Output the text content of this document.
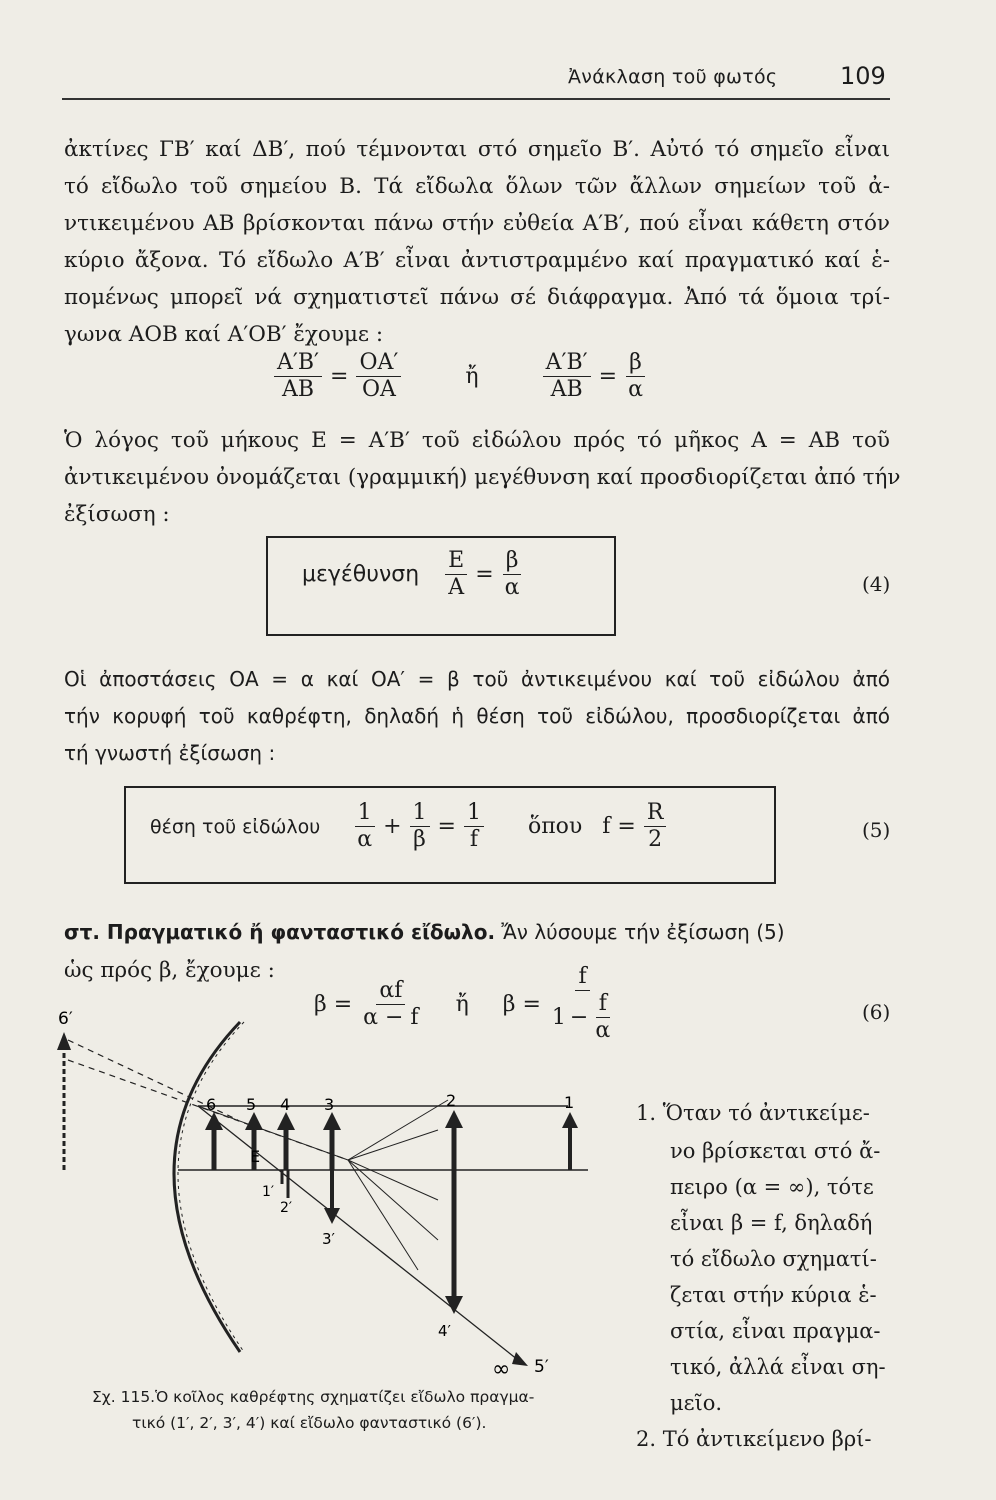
Ἀνάκλαση τοῦ φωτός	109
ἀκτίνες ΓΒ′ καί ΔΒ′, πού τέμνονται στό σημεῖο Β′. Αὐτό τό σημεῖο εἶναι
τό εἴδωλο τοῦ σημείου Β. Τά εἴδωλα ὅλων τῶν ἄλλων σημείων τοῦ ἀ-
ντικειμένου ΑΒ βρίσκονται πάνω στήν εὐθεία Α′Β′, πού εἶναι κάθετη στόν
κύριο ἄξονα. Τό εἴδωλο Α′Β′ εἶναι ἀντιστραμμένο καί πραγματικό καί ἑ-
πομένως μπορεῖ νά σχηματιστεῖ πάνω σέ διάφραγμα. Ἀπό τά ὅμοια τρί-
γωνα ΑΟΒ καί Α′ΟΒ′ ἔχουμε :
$\frac{A'B'}{AB} = \frac{OA'}{OA}$	ἤ	$\frac{A'B'}{AB} = \frac{\beta}{\alpha}$
Ὁ λόγος τοῦ μήκους Ε = Α′Β′ τοῦ εἰδώλου πρός τό μῆκος Α = ΑΒ τοῦ
ἀντικειμένου ὀνομάζεται (γραμμική) μεγέθυνση καί προσδιορίζεται ἀπό τήν
ἐξίσωση :
μεγέθυνση $\frac{E}{A} = \frac{\beta}{\alpha}$	(4)
Οἱ ἀποστάσεις ΟΑ = α καί ΟΑ′ = β τοῦ ἀντικειμένου καί τοῦ εἰδώλου ἀπό
τήν κορυφή τοῦ καθρέφτη, δηλαδή ἡ θέση τοῦ εἰδώλου, προσδιορίζεται ἀπό
τή γνωστή ἐξίσωση :
θέση τοῦ εἰδώλου $\frac{1}{\alpha} + \frac{1}{\beta} = \frac{1}{f}$ ὅπου $f = \frac{R}{2}$	(5)
στ. Πραγματικό ἤ φανταστικό εἴδωλο. Ἄν λύσουμε τήν ἐξίσωση (5)
ὡς πρός β, ἔχουμε :
$\beta = \frac{\alpha f}{\alpha - f}$ ἤ $\beta = \frac{f}{1 - \frac{f}{\alpha}}$	(6)
6′
6 5 4 3	2	1
E
1′
2′
3′
4′
5′
∞
Σχ. 115.Ὁ κοῖλος καθρέφτης σχηματίζει εἴδωλο πραγμα-
τικό (1′, 2′, 3′, 4′) καί εἴδωλο φανταστικό (6′).
1. Ὅταν τό ἀντικείμε-
νο βρίσκεται στό ἄ-
πειρο (α = ∞), τότε
εἶναι β = f, δηλαδή
τό εἴδωλο σχηματί-
ζεται στήν κύρια ἑ-
στία, εἶναι πραγμα-
τικό, ἀλλά εἶναι ση-
μεῖο.
2. Τό ἀντικείμενο βρί-
